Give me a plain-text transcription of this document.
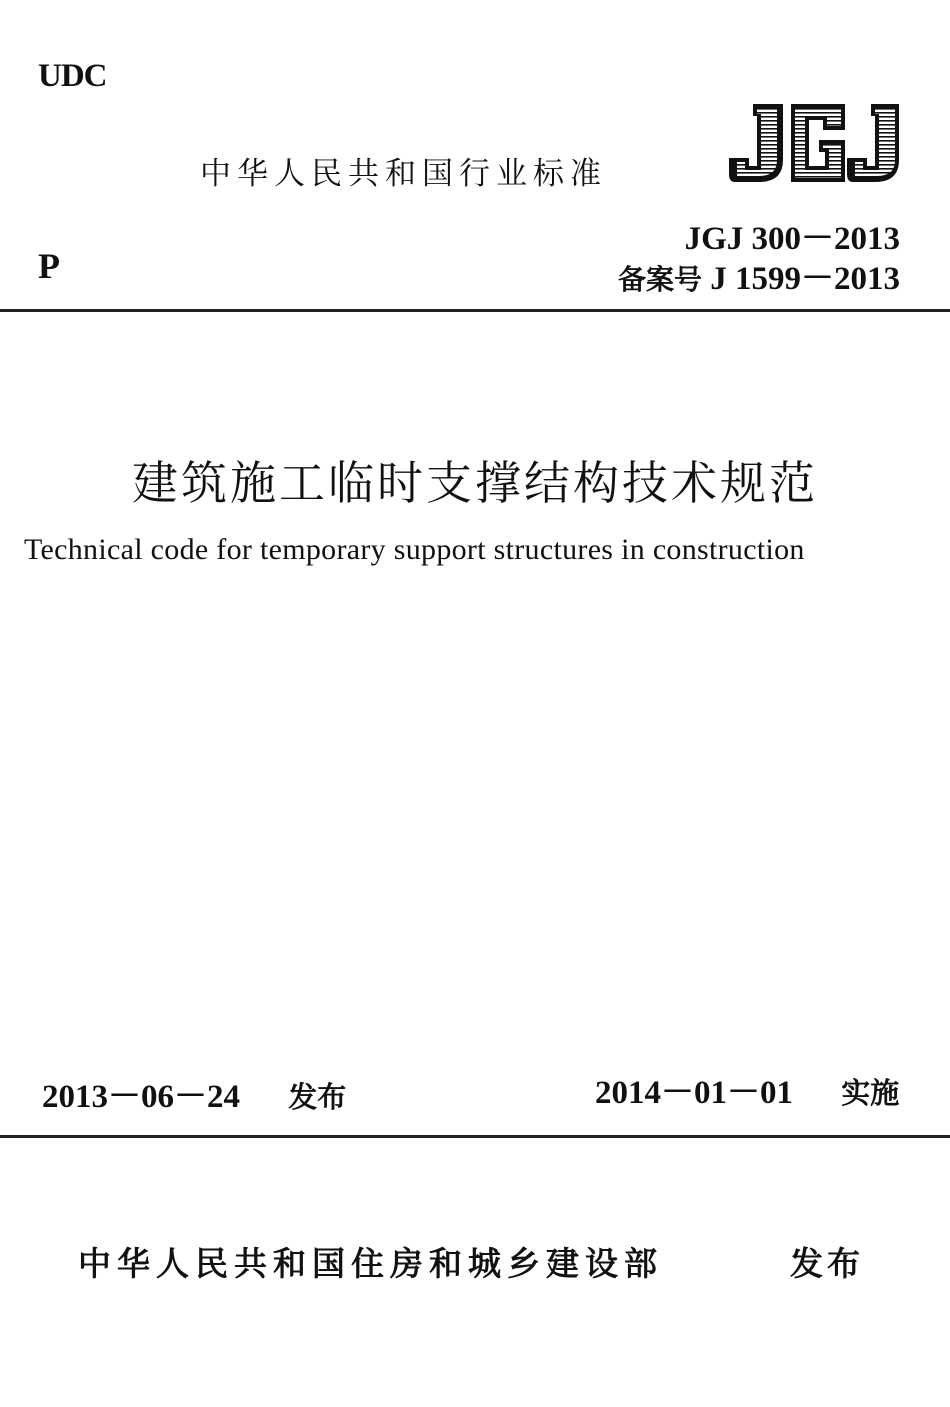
UDC
中华人民共和国行业标准
JGJ 300－2013
备案号 J 1599－2013
P
建筑施工临时支撑结构技术规范
Technical code for temporary support structures in construction
2013－06－24 发布	2014－01－01 实施
中华人民共和国住房和城乡建设部	发布
